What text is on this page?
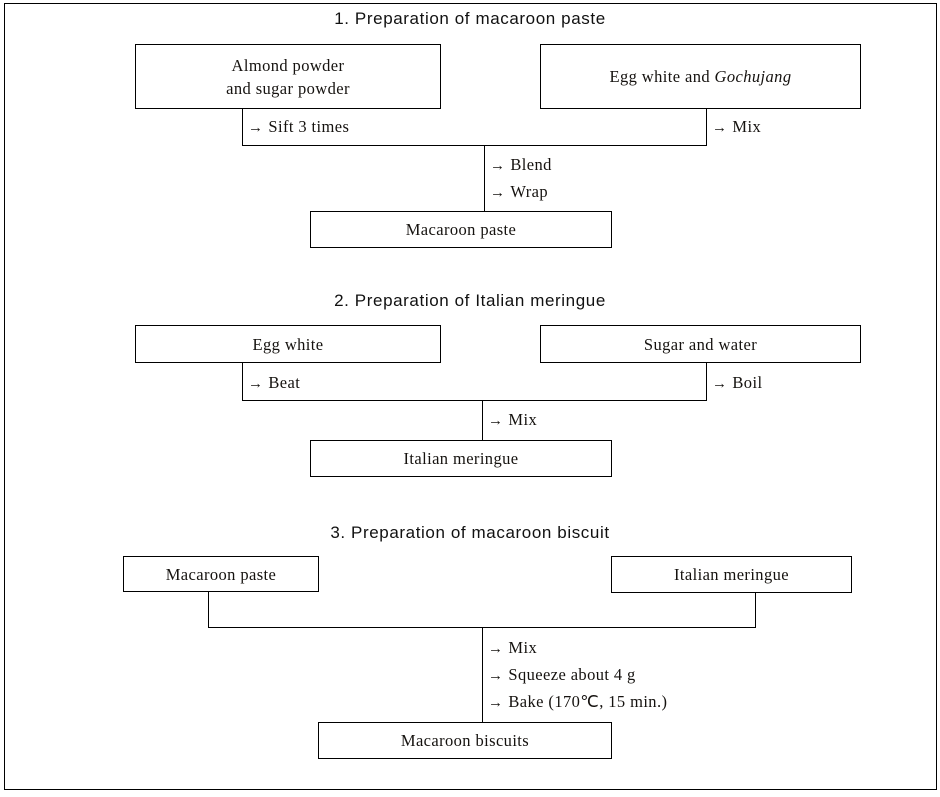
1. Preparation of macaroon paste
Almond powder
and sugar powder
Egg white and Gochujang
→ Sift 3 times	→ Mix
→ Blend
→ Wrap
Macaroon paste
2. Preparation of Italian meringue
Egg white	Sugar and water
→ Beat	→ Boil
→ Mix
Italian meringue
3. Preparation of macaroon biscuit
Macaroon paste	Italian meringue
→ Mix
→ Squeeze about 4 g
→ Bake (170℃, 15 min.)
Macaroon biscuits
